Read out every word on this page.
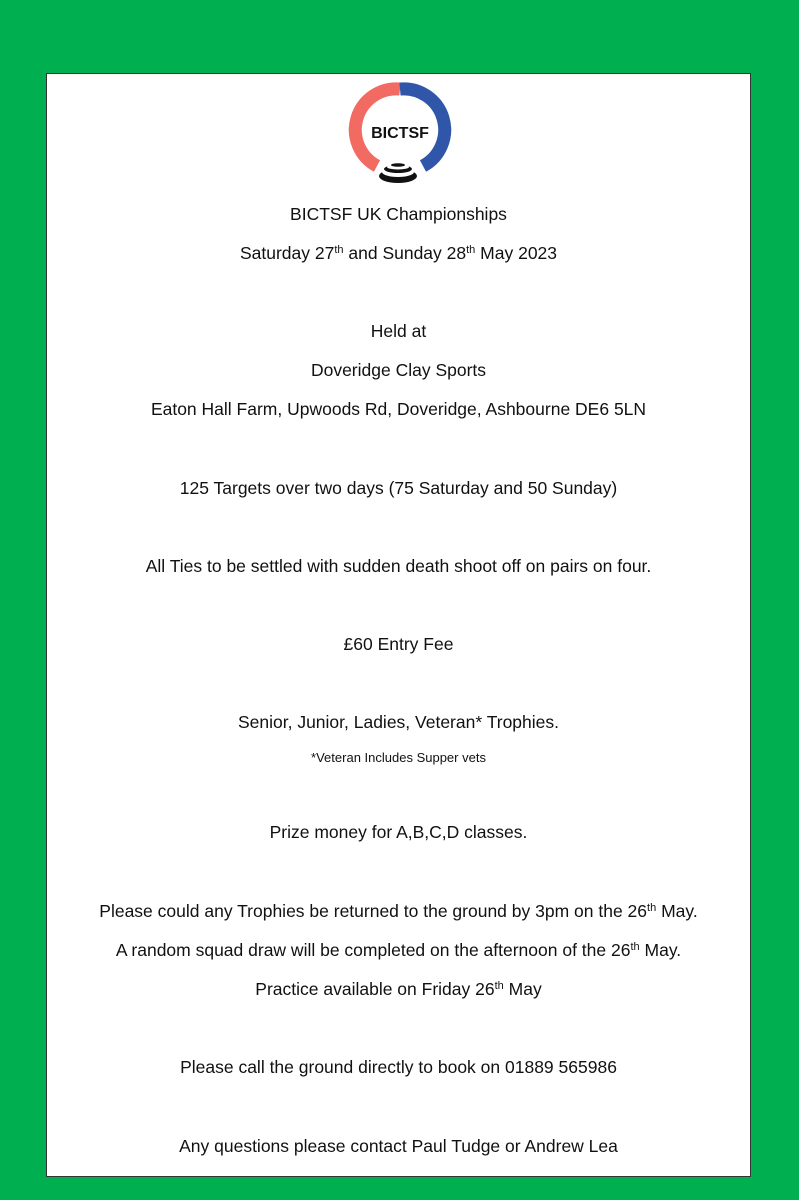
BICTSF
BICTSF UK Championships
Saturday 27th and Sunday 28th May 2023
Held at
Doveridge Clay Sports
Eaton Hall Farm, Upwoods Rd, Doveridge, Ashbourne DE6 5LN
125 Targets over two days (75 Saturday and 50 Sunday)
All Ties to be settled with sudden death shoot off on pairs on four.
£60 Entry Fee
Senior, Junior, Ladies, Veteran* Trophies.
*Veteran Includes Supper vets
Prize money for A,B,C,D classes.
Please could any Trophies be returned to the ground by 3pm on the 26th May.
A random squad draw will be completed on the afternoon of the 26th May.
Practice available on Friday 26th May
Please call the ground directly to book on 01889 565986
Any questions please contact Paul Tudge or Andrew Lea
